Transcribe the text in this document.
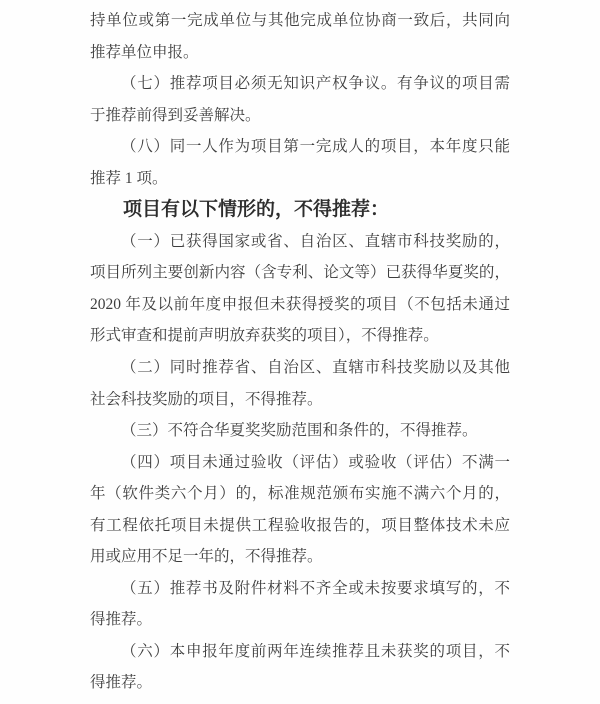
持单位或第一完成单位与其他完成单位协商一致后，共同向
推荐单位申报。
（七）推荐项目必须无知识产权争议。有争议的项目需
于推荐前得到妥善解决。
（八）同一人作为项目第一完成人的项目，本年度只能
推荐 1 项。
项目有以下情形的，不得推荐：
（一）已获得国家或省、自治区、直辖市科技奖励的，
项目所列主要创新内容（含专利、论文等）已获得华夏奖的，
2020 年及以前年度申报但未获得授奖的项目（不包括未通过
形式审查和提前声明放弃获奖的项目），不得推荐。
（二）同时推荐省、自治区、直辖市科技奖励以及其他
社会科技奖励的项目，不得推荐。
（三）不符合华夏奖奖励范围和条件的，不得推荐。
（四）项目未通过验收（评估）或验收（评估）不满一
年（软件类六个月）的，标准规范颁布实施不满六个月的，
有工程依托项目未提供工程验收报告的，项目整体技术未应
用或应用不足一年的，不得推荐。
（五）推荐书及附件材料不齐全或未按要求填写的，不
得推荐。
（六）本申报年度前两年连续推荐且未获奖的项目，不
得推荐。
